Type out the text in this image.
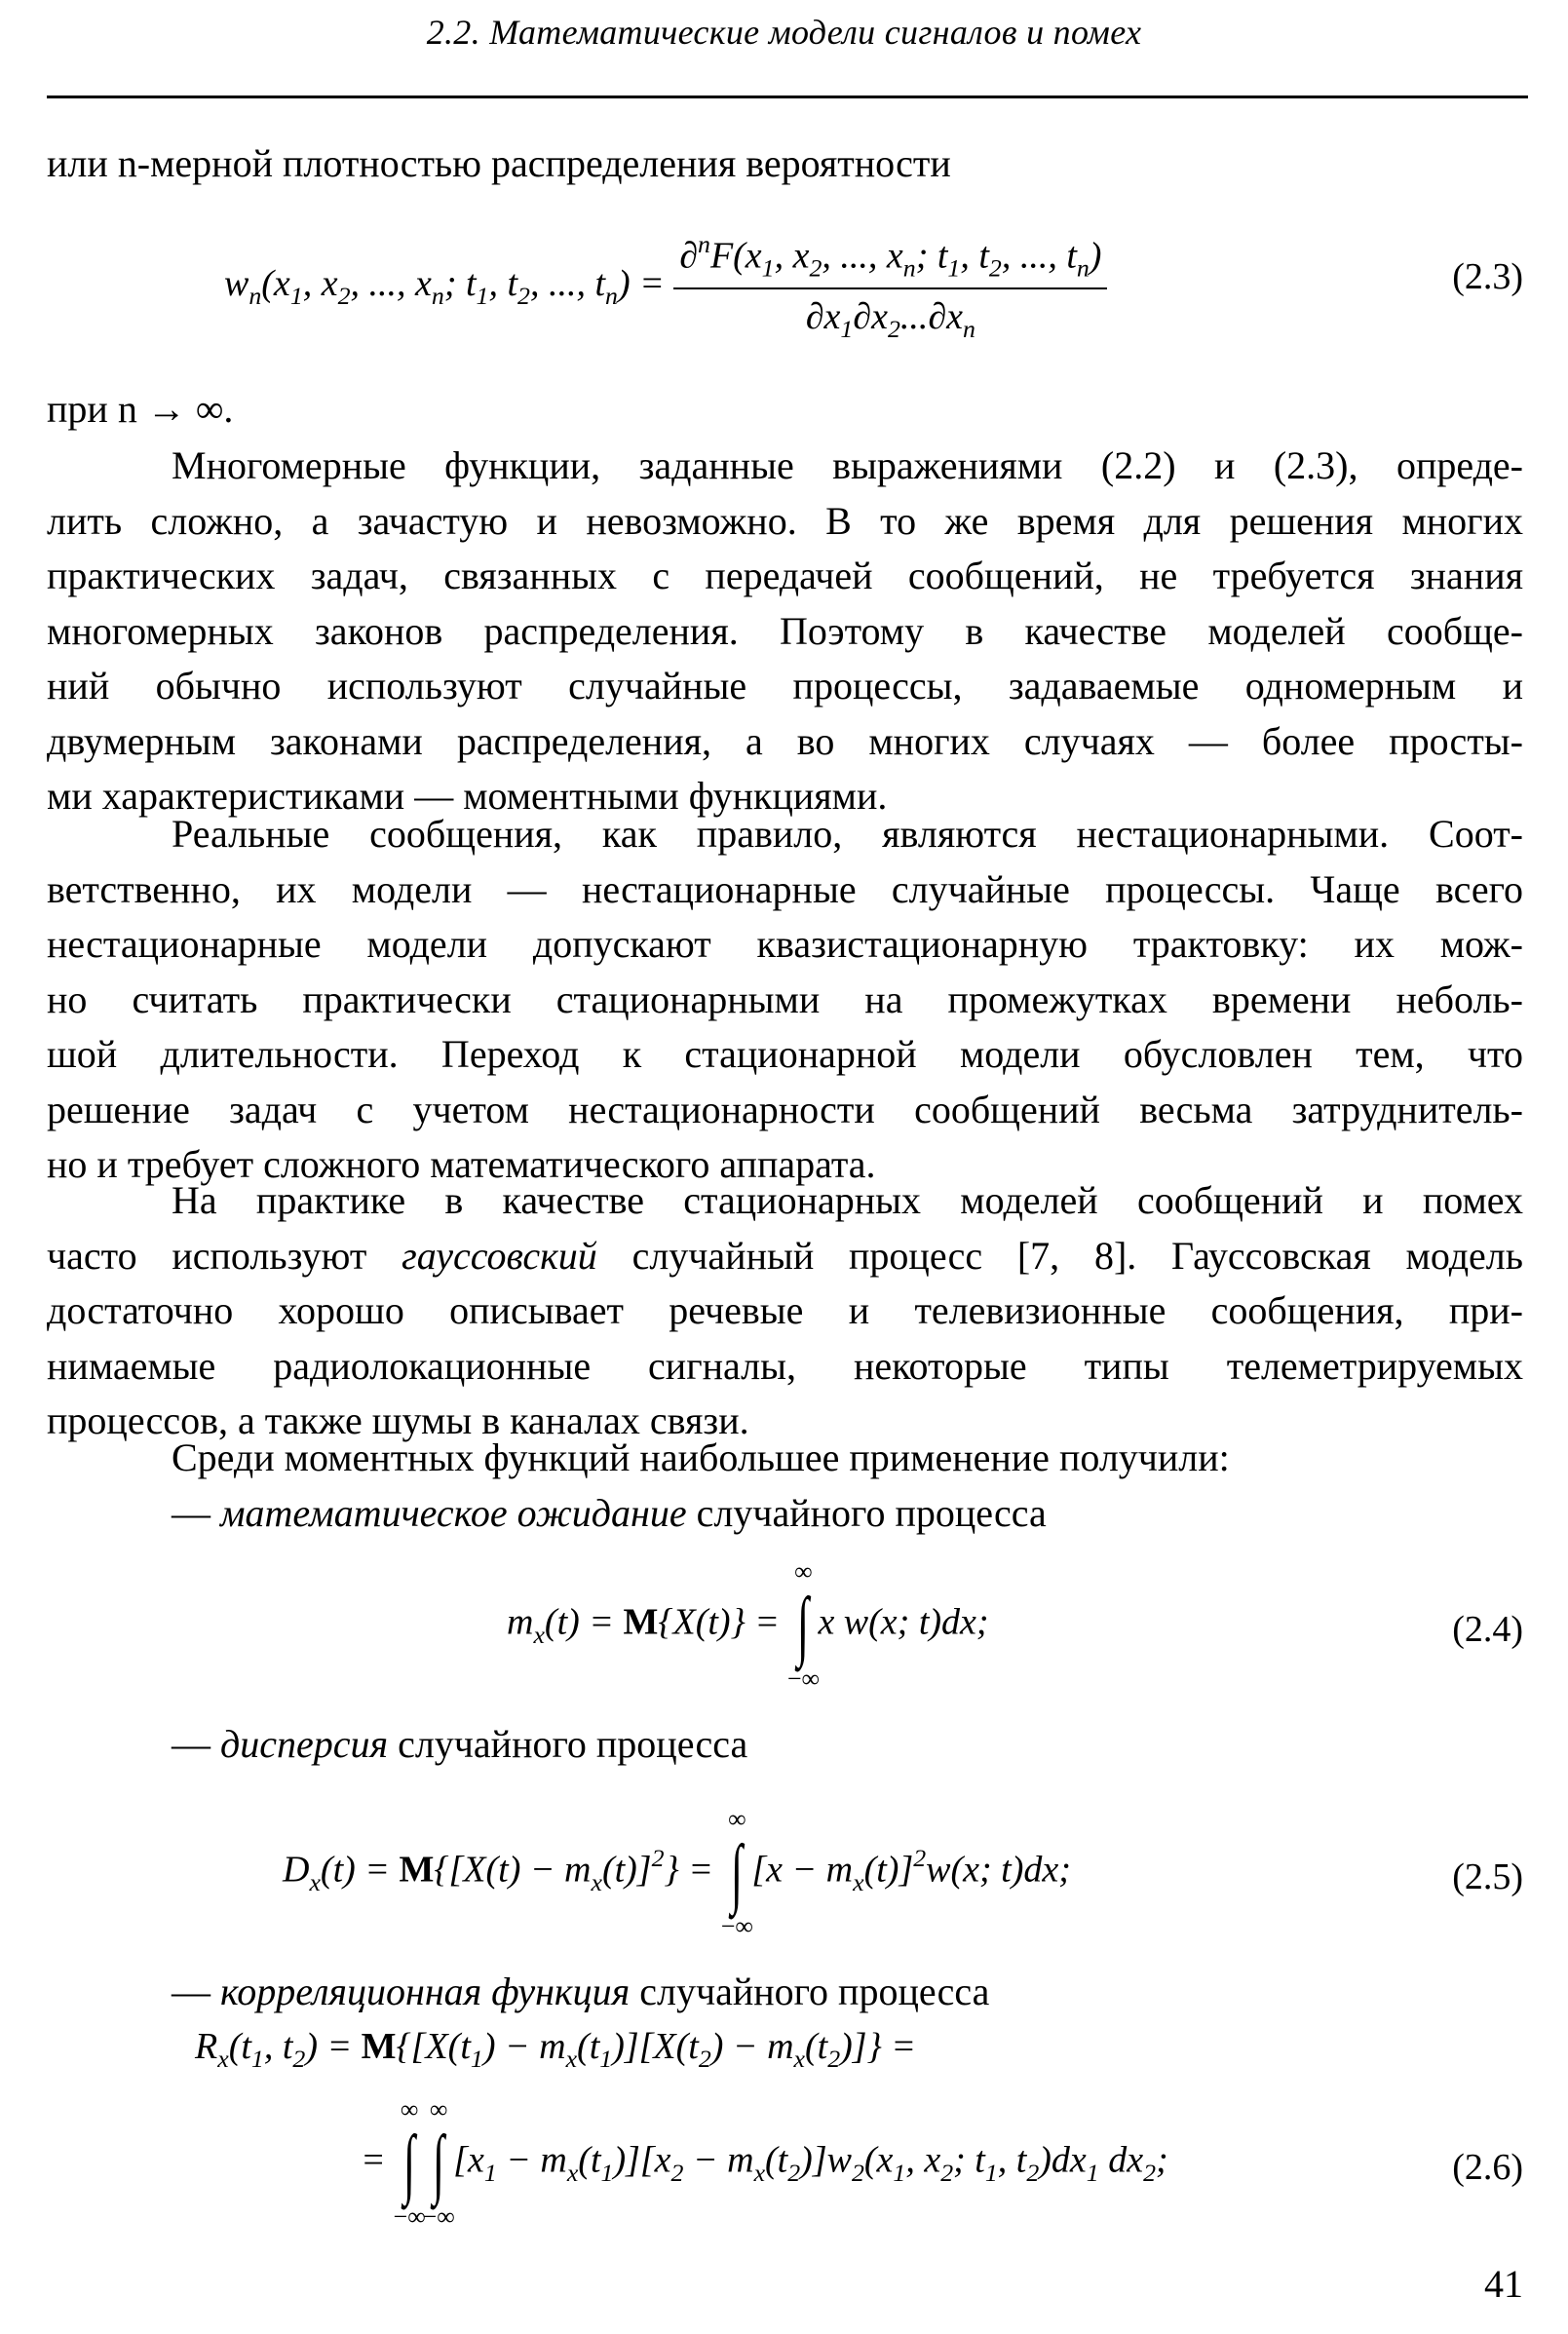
2.2. Математические модели сигналов и помех
или n-мерной плотностью распределения вероятности
$w_n(x_1$, $x_2$, ..., $x_n$; $t_1$, $t_2$, ..., $t_n) = \frac{\partial^nF(x_1, x_2, ..., x_n; t_1, t_2, ..., t_n)}{\partial x_1\partial x_2...\partial x_n}$	(2.3)
при n → ∞.
Многомерные функции, заданные выражениями (2.2) и (2.3), опреде-
лить сложно, а зачастую и невозможно. В то же время для решения многих
практических задач, связанных с передачей сообщений, не требуется знания
многомерных законов распределения. Поэтому в качестве моделей сообще-
ний обычно используют случайные процессы, задаваемые одномерным и
двумерным законами распределения, а во многих случаях — более просты-
ми характеристиками — моментными функциями.
Реальные сообщения, как правило, являются нестационарными. Соот-
ветственно, их модели — нестационарные случайные процессы. Чаще всего
нестационарные модели допускают квазистационарную трактовку: их мож-
но считать практически стационарными на промежутках времени неболь-
шой длительности. Переход к стационарной модели обусловлен тем, что
решение задач с учетом нестационарности сообщений весьма затруднитель-
но и требует сложного математического аппарата.
На практике в качестве стационарных моделей сообщений и помех
часто используют гауссовский случайный процесс [7, 8]. Гауссовская модель
достаточно хорошо описывает речевые и телевизионные сообщения, при-
нимаемые радиолокационные сигналы, некоторые типы телеметрируемых
процессов, а также шумы в каналах связи.
Среди моментных функций наибольшее применение получили:
— математическое ожидание случайного процесса
$m_x(t) = M\{X(t)\}$ =
∞
∫
−∞
x w(x; t)dx;	(2.4)
— дисперсия случайного процесса
$D_x(t) = M\{[X(t) - m_x(t)]^2\}$ =
∞
∫
−∞
$[x - m_x(t)]^2w(x$; t)dx;	(2.5)
— корреляционная функция случайного процесса
$R_x(t_1$, $t_2) = M\{[X(t_1) - m_x(t_1)][X(t_2) - m_x(t_2)]\}$ =
=
∞
∫
−∞
∞
∫
−∞
$[x_1 - m_x(t_1)][x_2 - m_x(t_2)]w_2(x_1$, $x_2$; $t_1$, $t_2)dx_1$ $dx_2$;	(2.6)
41
